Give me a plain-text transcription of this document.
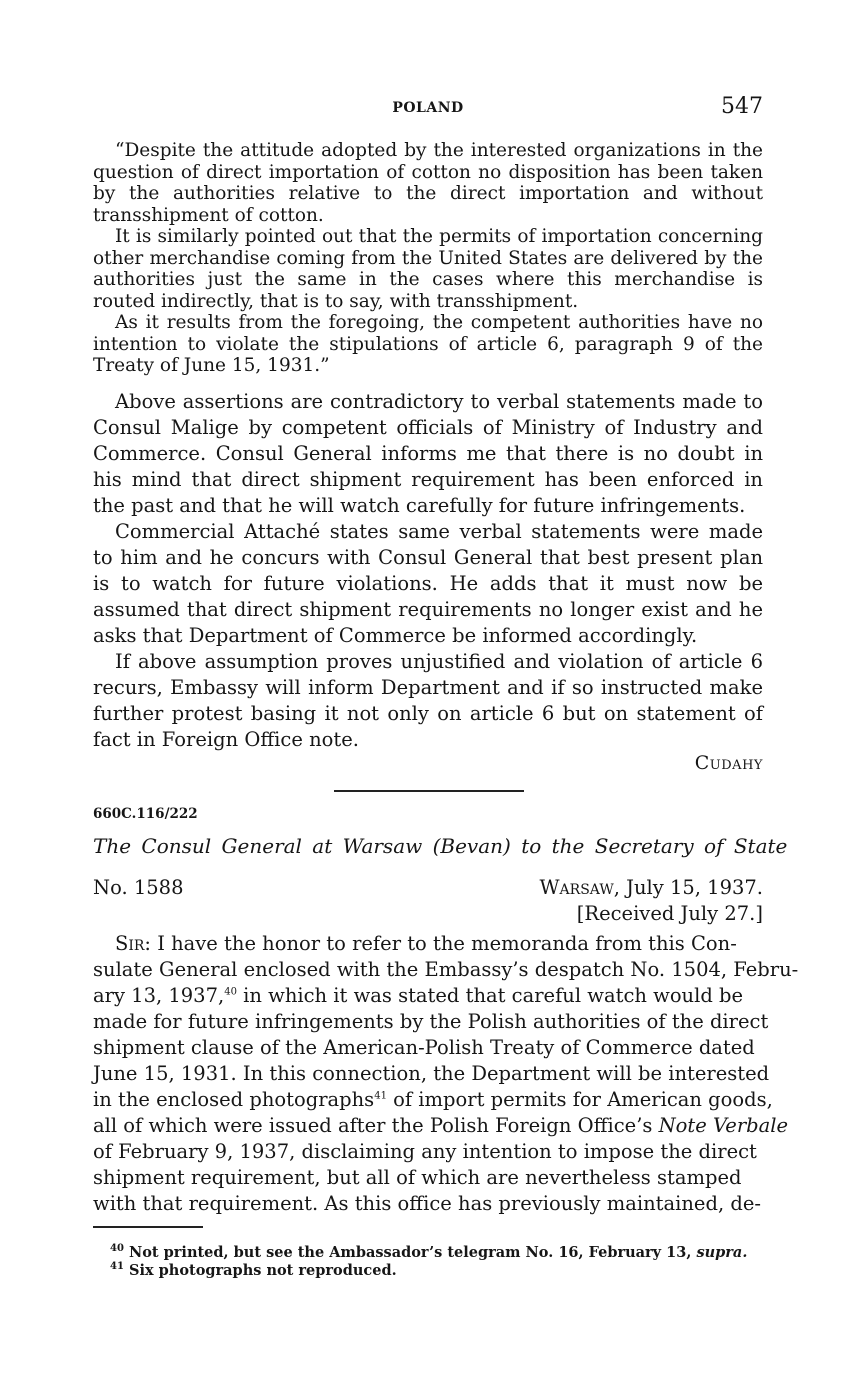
POLAND	547

“Despite the attitude adopted by the interested organizations in the question of direct importation of cotton no disposition has been taken by the authorities relative to the direct importation and without transshipment of cotton.

It is similarly pointed out that the permits of importation concerning other merchandise coming from the United States are delivered by the authorities just the same in the cases where this merchandise is routed indirectly, that is to say, with transshipment.

As it results from the foregoing, the competent authorities have no intention to violate the stipulations of article 6, paragraph 9 of the Treaty of June 15, 1931.”

Above assertions are contradictory to verbal statements made to Consul Malige by competent officials of Ministry of Industry and Commerce. Consul General informs me that there is no doubt in his mind that direct shipment requirement has been enforced in the past and that he will watch carefully for future infringements.

Commercial Attaché states same verbal statements were made to him and he concurs with Consul General that best present plan is to watch for future violations. He adds that it must now be assumed that direct shipment requirements no longer exist and he asks that Department of Commerce be informed accordingly.

If above assumption proves unjustified and violation of article 6 recurs, Embassy will inform Department and if so instructed make further protest basing it not only on article 6 but on statement of fact in Foreign Office note.

Cudahy
660C.116/222
The Consul General at Warsaw (Bevan) to the Secretary of State
No. 1588	Warsaw, July 15, 1937.
[Received July 27.]
Sir: I have the honor to refer to the memoranda from this Con-
sulate General enclosed with the Embassy’s despatch No. 1504, Febru-
ary 13, 1937,40 in which it was stated that careful watch would be
made for future infringements by the Polish authorities of the direct
shipment clause of the American-Polish Treaty of Commerce dated
June 15, 1931. In this connection, the Department will be interested
in the enclosed photographs$^{41}$ of import permits for American goods,
all of which were issued after the Polish Foreign Office’s Note Verbale
of February 9, 1937, disclaiming any intention to impose the direct
shipment requirement, but all of which are nevertheless stamped
with that requirement. As this office has previously maintained, de-
$^{40}$ Not printed, but see the Ambassador’s telegram No. 16, February 13, supra.
$^{41}$ Six photographs not reproduced.
